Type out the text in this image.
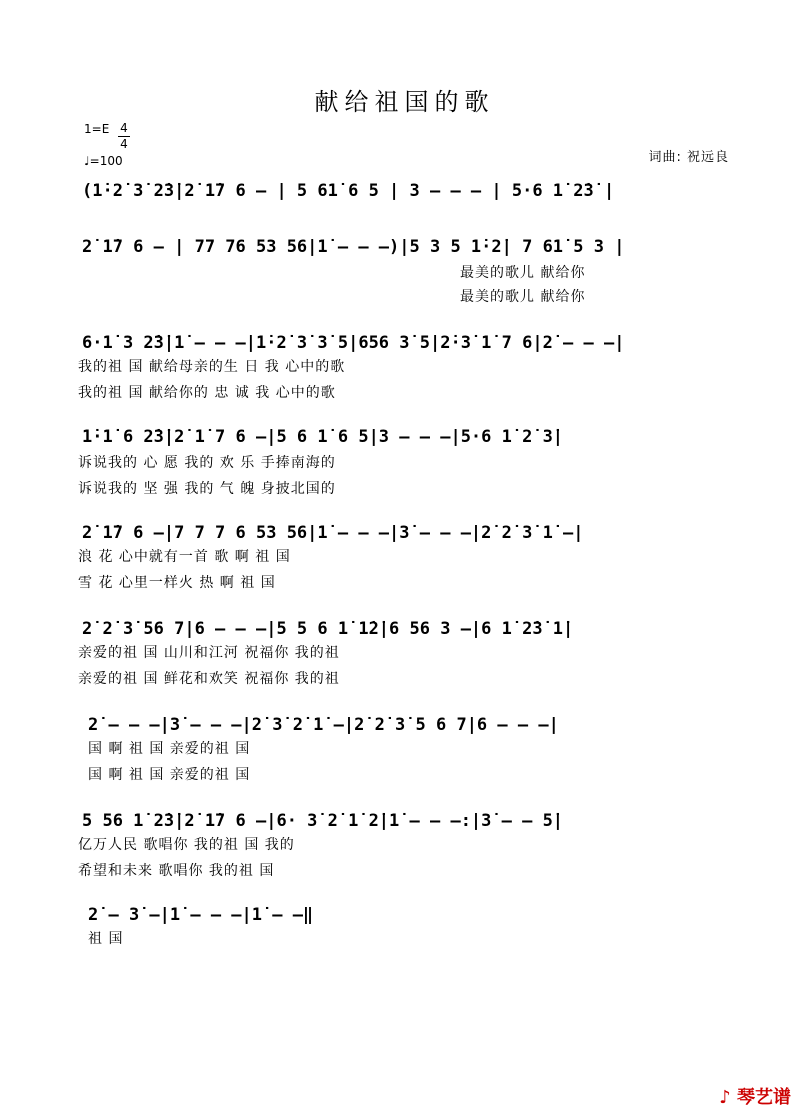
献给祖国的歌
1=E 4
4
♩=100	词曲: 祝远良
(1̇·2̇ 3̇ 2̇3̇|2̇ 1̇7 6 – | 5 61̇ 6 5 | 3 – – – | 5·6 1̇ 2̇3̇ |
2̇ 1̇7 6 – | 77 76 53 56|1̇ – – –)|5 3 5 1̇·2̇| 7 61̇ 5 3 |
最美的歌儿 献给你
最美的歌儿 献给你
6·1̇ 3 2̇3̇|1̇ – – –|1̇·2̇ 3̇ 3̇ 5|656 3̇ 5|2̇·3̇ 1̇ 7 6|2̇ – – –|
我的祖 国 献给母亲的生 日 我 心中的歌
我的祖 国 献给你的 忠 诚 我 心中的歌
1̇·1̇ 6 2̇3̇|2̇ 1̇ 7 6 –|5 6 1̇ 6 5|3 – – –|5·6 1̇ 2̇ 3̇|
诉说我的 心 愿 我的 欢 乐 手捧南海的
诉说我的 坚 强 我的 气 魄 身披北国的
2̇ 1̇7 6 –|7 7 7 6 53 56|1̇ – – –|3̇ – – –|2̇ 2̇ 3̇ 1̇ –|
浪 花 心中就有一首 歌 啊 祖 国
雪 花 心里一样火 热 啊 祖 国
2̇ 2̇ 3̇ 56 7|6 – – –|5 5 6 1̇ 1̇2̇|6 56 3 –|6 1̇ 2̇3̇ 1̇|
亲爱的祖 国 山川和江河 祝福你 我的祖
亲爱的祖 国 鲜花和欢笑 祝福你 我的祖
2̇ – – –|3̇ – – –|2̇ 3̇ 2̇ 1̇ –|2̇ 2̇ 3̇ 5 6 7|6 – – –|
国 啊 祖 国 亲爱的祖 国
国 啊 祖 国 亲爱的祖 国
5 56 1̇ 2̇3̇|2̇ 1̇7 6 –|6· 3̇ 2̇ 1̇ 2̇|1̇ – – –:|3̇ – – 5̇|
亿万人民 歌唱你 我的祖 国 我的
希望和未来 歌唱你 我的祖 国
2̇ – 3̇ –|1̇ – – –|1̇ – –‖
祖 国
♪ 琴艺谱
